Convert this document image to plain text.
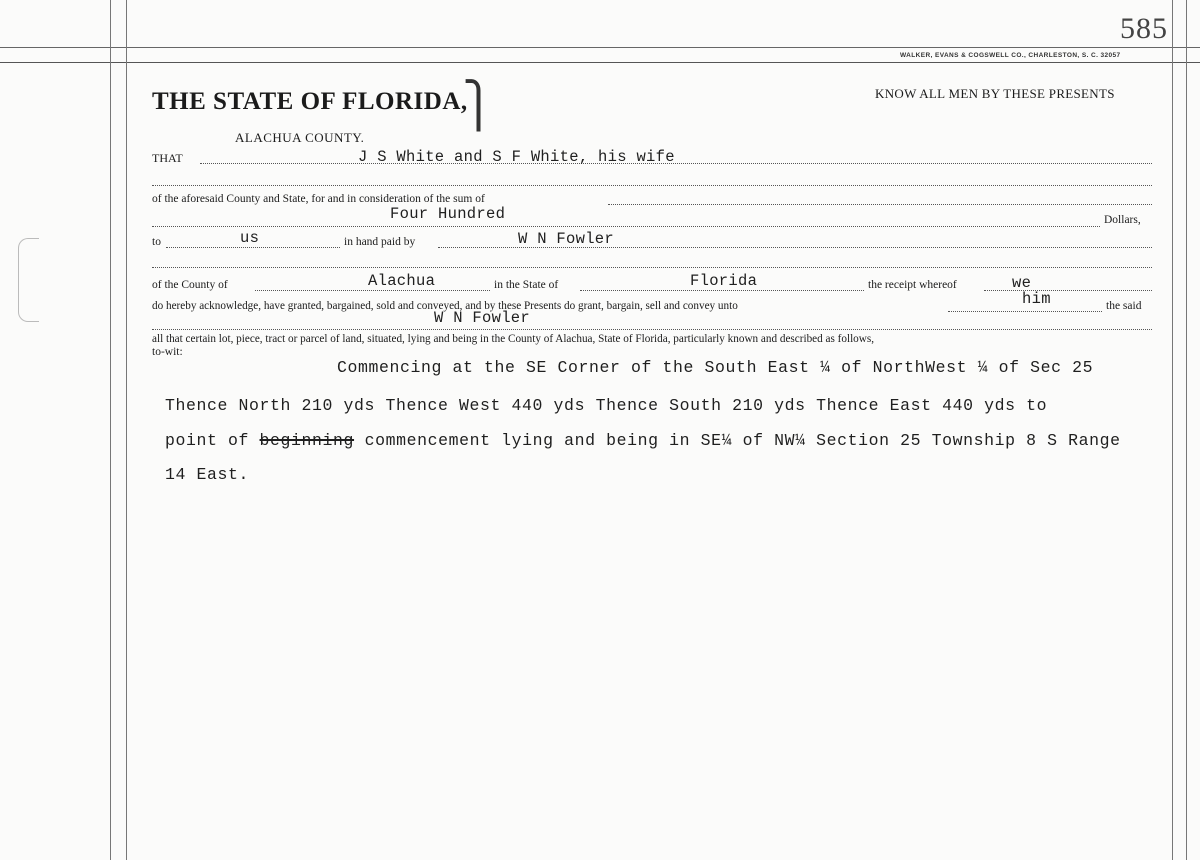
585
WALKER, EVANS & COGSWELL CO., CHARLESTON, S. C. 32057
THE STATE OF FLORIDA,
⎫
ALACHUA COUNTY.
KNOW ALL MEN BY THESE PRESENTS
THAT	J S White and S F White, his wife
of the aforesaid County and State, for and in consideration of the sum of
Four Hundred	Dollars,
to	us	in hand paid by	W N Fowler
of the County of	Alachua	in the State of	Florida	the receipt whereof	we
do hereby acknowledge, have granted, bargained, sold and conveyed, and by these Presents do grant, bargain, sell and convey unto	him	the said
W N Fowler
all that certain lot, piece, tract or parcel of land, situated, lying and being in the County of Alachua, State of Florida, particularly known and described as follows,
to-wit:
Commencing at the SE Corner of the South East ¼ of NorthWest ¼ of Sec 25
Thence North 210 yds Thence West 440 yds Thence South 210 yds Thence East 440 yds to
point of beginning commencement lying and being in SE¼ of NW¼ Section 25 Township 8 S Range
14 East.
